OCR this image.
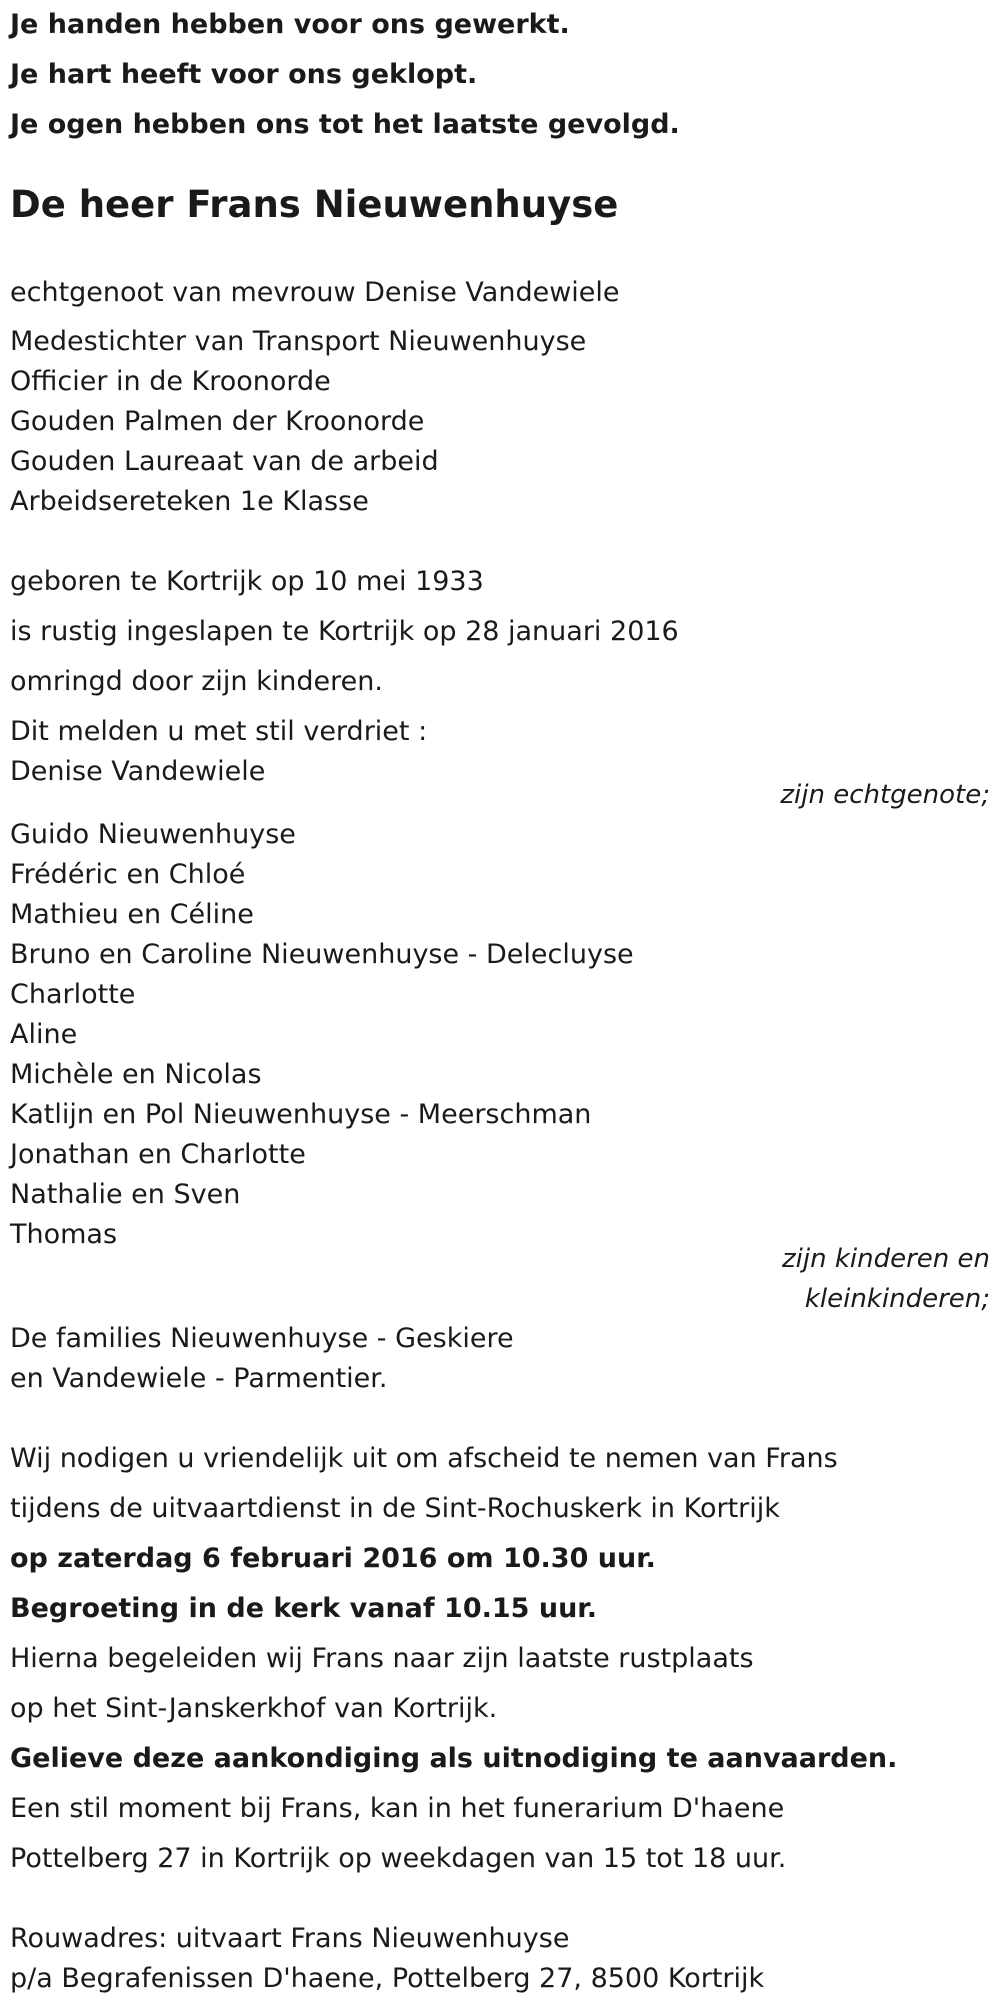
Je handen hebben voor ons gewerkt.

Je hart heeft voor ons geklopt.

Je ogen hebben ons tot het laatste gevolgd.

De heer Frans Nieuwenhuyse

echtgenoot van mevrouw Denise Vandewiele

Medestichter van Transport Nieuwenhuyse

Officier in de Kroonorde

Gouden Palmen der Kroonorde

Gouden Laureaat van de arbeid

Arbeidsereteken 1e Klasse

geboren te Kortrijk op 10 mei 1933

is rustig ingeslapen te Kortrijk op 28 januari 2016

omringd door zijn kinderen.

Dit melden u met stil verdriet :

Denise Vandewiele

zijn echtgenote;

Guido Nieuwenhuyse

Frédéric en Chloé

Mathieu en Céline

Bruno en Caroline Nieuwenhuyse - Delecluyse

Charlotte

Aline

Michèle en Nicolas

Katlijn en Pol Nieuwenhuyse - Meerschman

Jonathan en Charlotte

Nathalie en Sven

Thomas

zijn kinderen en

kleinkinderen;

De families Nieuwenhuyse - Geskiere

en Vandewiele - Parmentier.

Wij nodigen u vriendelijk uit om afscheid te nemen van Frans

tijdens de uitvaartdienst in de Sint-Rochuskerk in Kortrijk

op zaterdag 6 februari 2016 om 10.30 uur.

Begroeting in de kerk vanaf 10.15 uur.

Hierna begeleiden wij Frans naar zijn laatste rustplaats

op het Sint-Janskerkhof van Kortrijk.

Gelieve deze aankondiging als uitnodiging te aanvaarden.

Een stil moment bij Frans, kan in het funerarium D'haene

Pottelberg 27 in Kortrijk op weekdagen van 15 tot 18 uur.

Rouwadres: uitvaart Frans Nieuwenhuyse

p/a Begrafenissen D'haene, Pottelberg 27, 8500 Kortrijk
